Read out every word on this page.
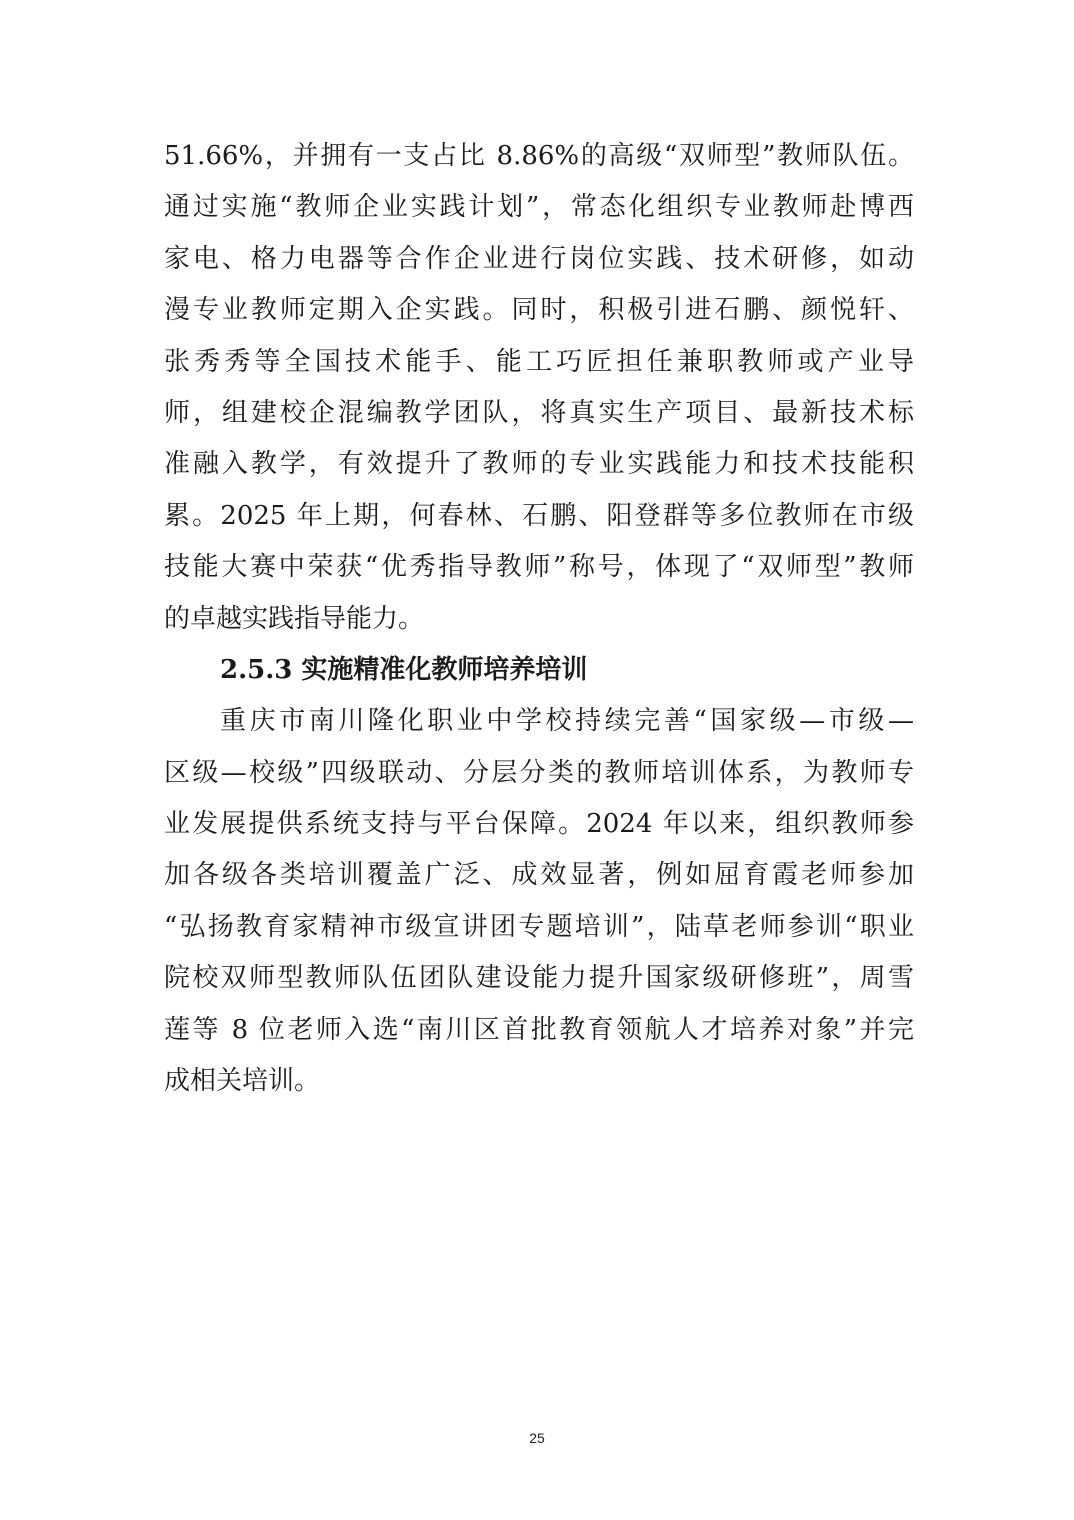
51.66%，并拥有一支占比 8.86%的高级“双师型”教师队伍。
通过实施“教师企业实践计划”，常态化组织专业教师赴博西
家电、格力电器等合作企业进行岗位实践、技术研修，如动
漫专业教师定期入企实践。同时，积极引进石鹏、颜悦轩、
张秀秀等全国技术能手、能工巧匠担任兼职教师或产业导
师，组建校企混编教学团队，将真实生产项目、最新技术标
准融入教学，有效提升了教师的专业实践能力和技术技能积
累。2025 年上期，何春林、石鹏、阳登群等多位教师在市级
技能大赛中荣获“优秀指导教师”称号，体现了“双师型”教师
的卓越实践指导能力。
2.5.3 实施精准化教师培养培训
重庆市南川隆化职业中学校持续完善“国家级—市级—
区级—校级”四级联动、分层分类的教师培训体系，为教师专
业发展提供系统支持与平台保障。2024 年以来，组织教师参
加各级各类培训覆盖广泛、成效显著，例如屈育霞老师参加
“弘扬教育家精神市级宣讲团专题培训”，陆草老师参训“职业
院校双师型教师队伍团队建设能力提升国家级研修班”，周雪
莲等 8 位老师入选“南川区首批教育领航人才培养对象”并完
成相关培训。
25
